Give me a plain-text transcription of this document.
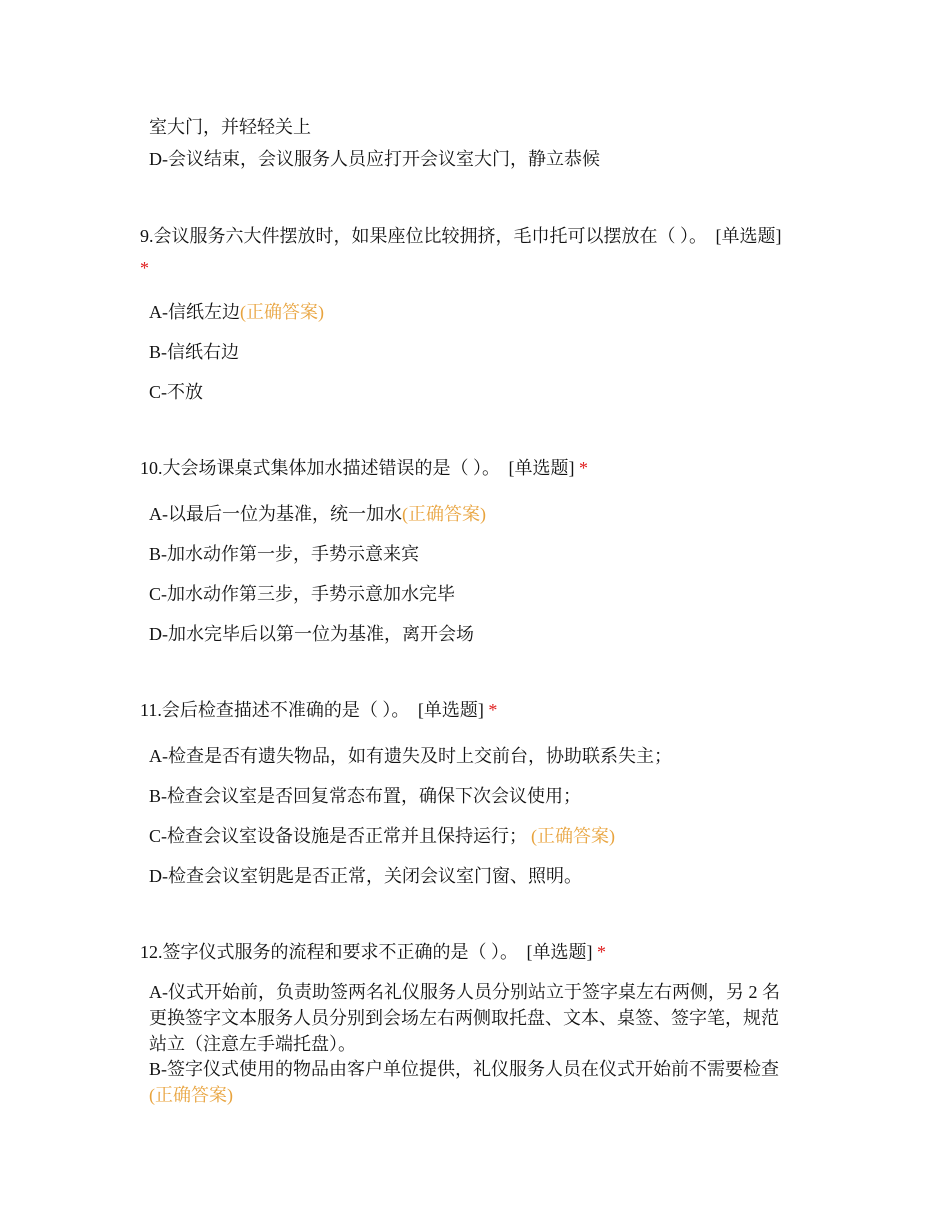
室大门，并轻轻关上
D-会议结束，会议服务人员应打开会议室大门，静立恭候
9.会议服务六大件摆放时，如果座位比较拥挤，毛巾托可以摆放在（ ）。 [单选题]
*
A-信纸左边(正确答案)
B-信纸右边
C-不放
10.大会场课桌式集体加水描述错误的是（ ）。 [单选题] *
A-以最后一位为基准，统一加水(正确答案)
B-加水动作第一步，手势示意来宾
C-加水动作第三步，手势示意加水完毕
D-加水完毕后以第一位为基准，离开会场
11.会后检查描述不准确的是（ ）。 [单选题] *
A-检查是否有遗失物品，如有遗失及时上交前台，协助联系失主；
B-检查会议室是否回复常态布置，确保下次会议使用；
C-检查会议室设备设施是否正常并且保持运行； (正确答案)
D-检查会议室钥匙是否正常，关闭会议室门窗、照明。
12.签字仪式服务的流程和要求不正确的是（ ）。 [单选题] *
A-仪式开始前，负责助签两名礼仪服务人员分别站立于签字桌左右两侧，另 2 名
更换签字文本服务人员分别到会场左右两侧取托盘、文本、桌签、签字笔，规范
站立（注意左手端托盘）。
B-签字仪式使用的物品由客户单位提供，礼仪服务人员在仪式开始前不需要检查
(正确答案)
